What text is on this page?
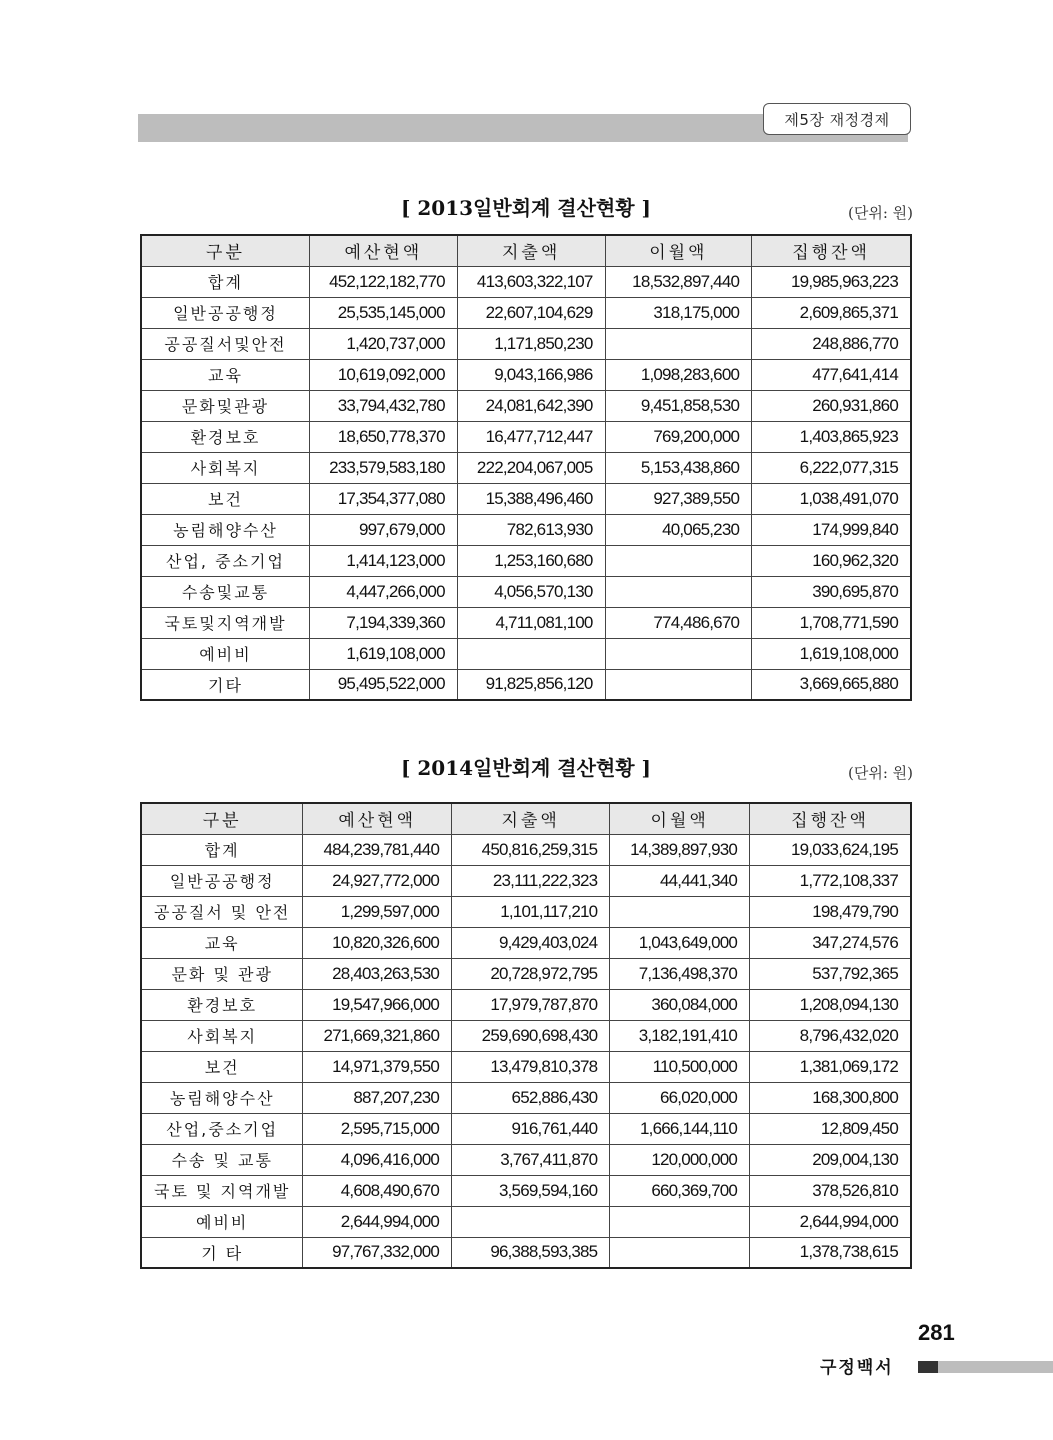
제5장 재정경제
[ 2013일반회계 결산현황 ]	(단위: 원)
구분	예산현액	지출액	이월액	집행잔액
합계	452,122,182,770	413,603,322,107	18,532,897,440	19,985,963,223
일반공공행정	25,535,145,000	22,607,104,629	318,175,000	2,609,865,371
공공질서및안전	1,420,737,000	1,171,850,230		248,886,770
교육	10,619,092,000	9,043,166,986	1,098,283,600	477,641,414
문화및관광	33,794,432,780	24,081,642,390	9,451,858,530	260,931,860
환경보호	18,650,778,370	16,477,712,447	769,200,000	1,403,865,923
사회복지	233,579,583,180	222,204,067,005	5,153,438,860	6,222,077,315
보건	17,354,377,080	15,388,496,460	927,389,550	1,038,491,070
농림해양수산	997,679,000	782,613,930	40,065,230	174,999,840
산업, 중소기업	1,414,123,000	1,253,160,680		160,962,320
수송및교통	4,447,266,000	4,056,570,130		390,695,870
국토및지역개발	7,194,339,360	4,711,081,100	774,486,670	1,708,771,590
예비비	1,619,108,000			1,619,108,000
기타	95,495,522,000	91,825,856,120		3,669,665,880
[ 2014일반회계 결산현황 ]	(단위: 원)
구분	예산현액	지출액	이월액	집행잔액
합계	484,239,781,440	450,816,259,315	14,389,897,930	19,033,624,195
일반공공행정	24,927,772,000	23,111,222,323	44,441,340	1,772,108,337
공공질서 및 안전	1,299,597,000	1,101,117,210		198,479,790
교육	10,820,326,600	9,429,403,024	1,043,649,000	347,274,576
문화 및 관광	28,403,263,530	20,728,972,795	7,136,498,370	537,792,365
환경보호	19,547,966,000	17,979,787,870	360,084,000	1,208,094,130
사회복지	271,669,321,860	259,690,698,430	3,182,191,410	8,796,432,020
보건	14,971,379,550	13,479,810,378	110,500,000	1,381,069,172
농림해양수산	887,207,230	652,886,430	66,020,000	168,300,800
산업,중소기업	2,595,715,000	916,761,440	1,666,144,110	12,809,450
수송 및 교통	4,096,416,000	3,767,411,870	120,000,000	209,004,130
국토 및 지역개발	4,608,490,670	3,569,594,160	660,369,700	378,526,810
예비비	2,644,994,000			2,644,994,000
기 타	97,767,332,000	96,388,593,385		1,378,738,615
281
구정백서
